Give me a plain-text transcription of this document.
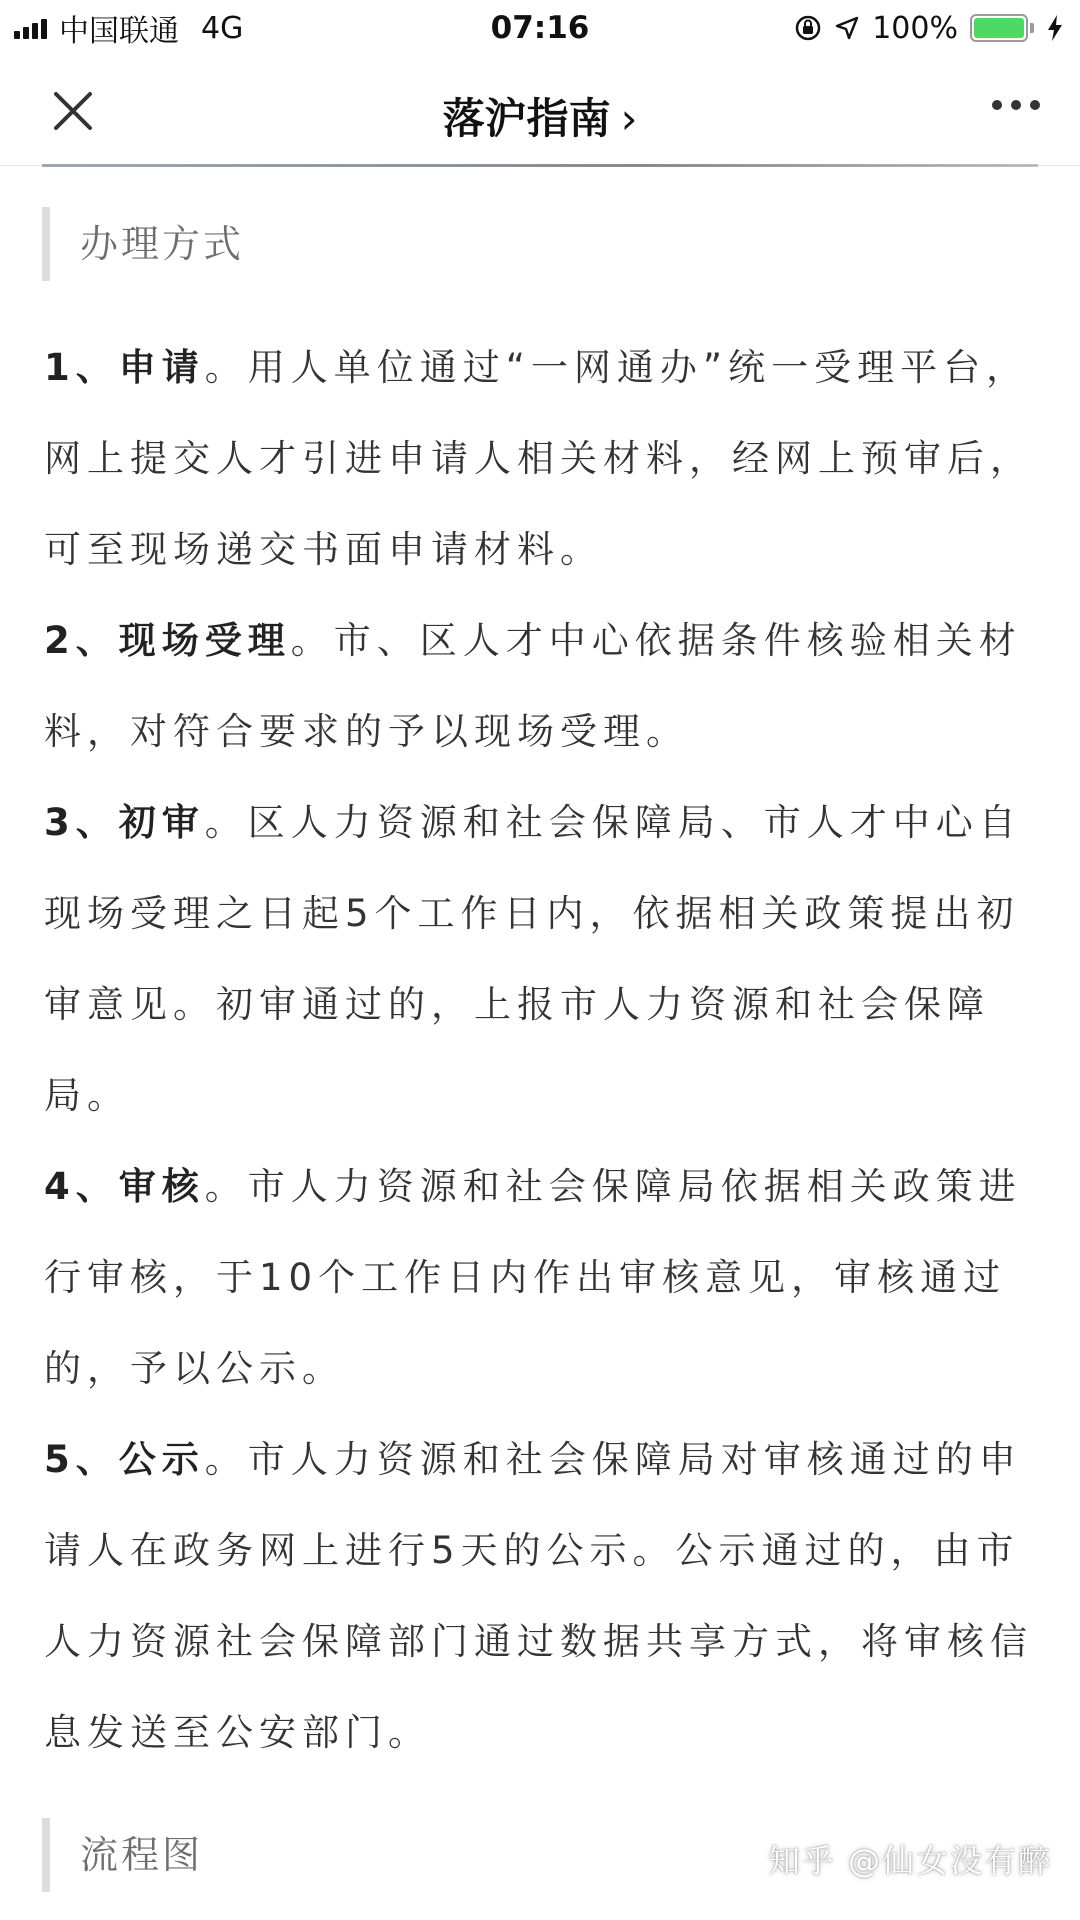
中国联通 4G	07:16	100%
落沪指南 ›
办理方式

1、申请。用人单位通过“一网通办”统一受理平台，网上提交人才引进申请人相关材料，经网上预审后，可至现场递交书面申请材料。

2、现场受理。市、区人才中心依据条件核验相关材料，对符合要求的予以现场受理。

3、初审。区人力资源和社会保障局、市人才中心自现场受理之日起5个工作日内，依据相关政策提出初审意见。初审通过的，上报市人力资源和社会保障局。

4、审核。市人力资源和社会保障局依据相关政策进行审核，于10个工作日内作出审核意见，审核通过的，予以公示。

5、公示。市人力资源和社会保障局对审核通过的申请人在政务网上进行5天的公示。公示通过的，由市人力资源社会保障部门通过数据共享方式，将审核信息发送至公安部门。

流程图	知乎 @仙女没有醉
